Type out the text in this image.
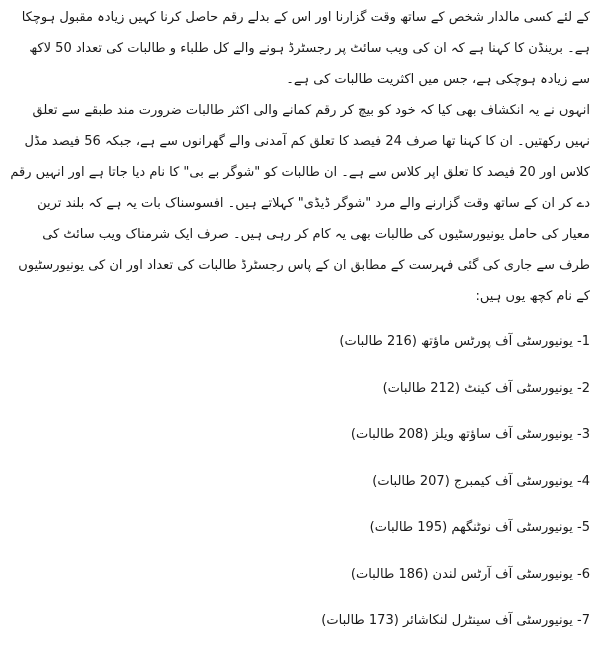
کے لئے کسی مالدار شخص کے ساتھ وقت گزارنا اور اس کے بدلے رقم حاصل کرنا کہیں زیادہ مقبول ہوچکا ہے۔ برینڈن کا کہنا ہے کہ ان کی ویب سائٹ پر رجسٹرڈ ہونے والے کل طلباء و طالبات کی تعداد 50 لاکھ سے زیادہ ہوچکی ہے، جس میں اکثریت طالبات کی ہے۔

انہوں نے یہ انکشاف بھی کیا کہ خود کو بیچ کر رقم کمانے والی اکثر طالبات ضرورت مند طبقے سے تعلق نہیں رکھتیں۔ ان کا کہنا تھا صرف 24 فیصد کا تعلق کم آمدنی والے گھرانوں سے ہے، جبکہ 56 فیصد مڈل کلاس اور 20 فیصد کا تعلق اپر کلاس سے ہے۔ ان طالبات کو "شوگر بے بی" کا نام دیا جاتا ہے اور انہیں رقم دے کر ان کے ساتھ وقت گزارنے والے مرد "شوگر ڈیڈی" کہلاتے ہیں۔ افسوسناک بات یہ ہے کہ بلند ترین معیار کی حامل یونیورسٹیوں کی طالبات بھی یہ کام کر رہی ہیں۔ صرف ایک شرمناک ویب سائٹ کی طرف سے جاری کی گئی فہرست کے مطابق ان کے پاس رجسٹرڈ طالبات کی تعداد اور ان کی یونیورسٹیوں کے نام کچھ یوں ہیں:

1- یونیورسٹی آف پورٹس ماؤتھ (216 طالبات)
2- یونیورسٹی آف کینٹ (212 طالبات)
3- یونیورسٹی آف ساؤتھ ویلز (208 طالبات)
4- یونیورسٹی آف کیمبرج (207 طالبات)
5- یونیورسٹی آف نوٹنگھم (195 طالبات)
6- یونیورسٹی آف آرٹس لندن (186 طالبات)
7- یونیورسٹی آف سینٹرل لنکاشائر (173 طالبات)
